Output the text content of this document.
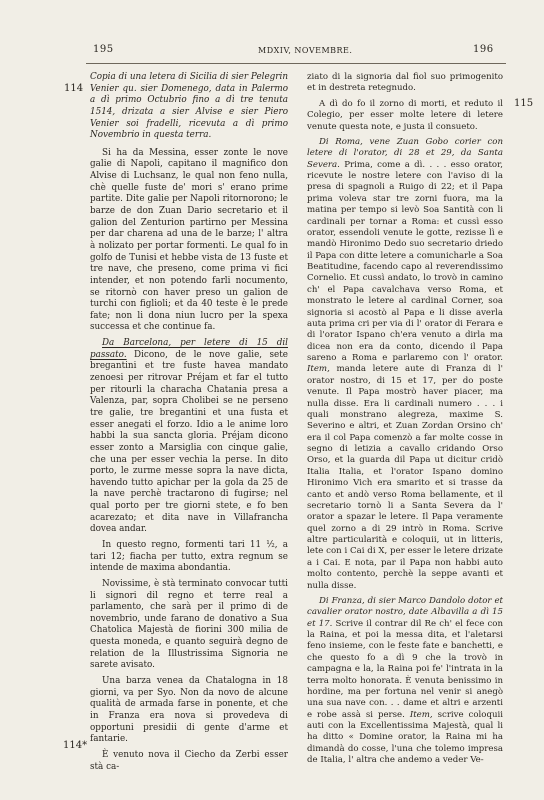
195	MDXIV, NOVEMBRE.	196
114
115
114*

Copia di una letera di Sicilia di sier Pelegrin Venier qu. sier Domenego, data in Palermo a dì primo Octubrio fino a dì tre tenuta 1514, drizata a sier Alvise e sier Piero Venier soi fradelli, ricevuta a dì primo Novembrio in questa terra.

Si ha da Messina, esser zonte le nove galie di Napoli, capitano il magnifico don Alvise di Luchsanz, le qual non feno nulla, chè quelle fuste de' mori s' erano prime partite. Dite galie per Napoli ritornorono; le barze de don Zuan Dario secretario et il galion del Zenturion partirno per Messina per dar charena ad una de le barze; l' altra à nolizato per portar formenti. Le qual fo in golfo de Tunisi et hebbe vista de 13 fuste et tre nave, che preseno, come prima vi fici intender, et non potendo farli nocumento, se ritornò con haver preso un galion de turchi con figlioli; et da 40 teste è le prede fate; non li dona niun lucro per la spexa successa et che continue fa.

Da Barcelona, per letere di 15 dil passato. Dicono, de le nove galie, sete bregantini et tre fuste havea mandato zenoesi per ritrovar Préjam et far el tutto per ritourli la characha Chatania presa a Valenza, par, sopra Cholibei se ne perseno tre galie, tre bregantini et una fusta et esser anegati el forzo. Idio a le anime loro habbi la sua sancta gloria. Préjam dicono esser zonto a Marsiglia con cinque galie, che una per esser vechia la perse. In dito porto, le zurme messe sopra la nave dicta, havendo tutto apichar per la gola da 25 de la nave perchè tractarono di fugirse; nel qual porto per tre giorni stete, e fo ben acarezato; et dita nave in Villafrancha dovea andar.

In questo regno, formenti tari 11 ½, a tari 12; fiacha per tutto, extra regnum se intende de maxima abondantia.

Novissime, è stà terminato convocar tutti li signori dil regno et terre real a parlamento, che sarà per il primo di de novembrio, unde farano de donativo a Sua Chatolica Majestà de fiorini 300 milia de questa moneda, e quanto seguirà degno de relation de la Illustrissima Signoria ne sarete avisato.

Una barza venea da Chatalogna in 18 giorni, va per Syo. Non da novo de alcune qualità de armada farse in ponente, et che in Franza era nova si provedeva di opportuni presidii di gente d'arme et fantarie.

È venuto nova il Ciecho da Zerbi esser stà ca-

ziato di la signoria dal fiol suo primogenito et in destreta retegnudo.

A dì do fo il zorno di morti, et reduto il Colegio, per esser molte letere di letere venute questa note, e justa il consueto.

Di Roma, vene Zuan Gobo corier con letere di l'orator, di 28 et 29, da Santa Severa. Prima, come a dì. . . . esso orator, ricevute le nostre letere con l'aviso di la presa di spagnoli a Ruigo di 22; et il Papa prima voleva star tre zorni fuora, ma la matina per tempo si levò Soa Santità con li cardinali per tornar a Roma: et cussì esso orator, essendoli venute le gotte, rezisse lì e mandò Hironimo Dedo suo secretario driedo il Papa con ditte letere a comunicharle a Soa Beatitudine, facendo capo al reverendissimo Cornelio. Et cussì andato, lo trovò in camino ch' el Papa cavalchava verso Roma, et monstrato le letere al cardinal Corner, soa signoria si acostò al Papa e li disse averla auta prima cri per via di l' orator di Ferara e di l'orator Ispano ch'era venuto a dirla ma dicea non era da conto, dicendo il Papa sareno a Roma e parlaremo con l' orator. Item, manda letere aute di Franza di l' orator nostro, di 15 et 17, per do poste venute. Il Papa mostrò haver piacer, ma nulla disse. Era li cardinali numero . . . i quali monstrano alegreza, maxime S. Severino e altri, et Zuan Zordan Orsino ch' era il col Papa comenzò a far molte cosse in segno di letizia a cavallo cridando Orso Orso, et la guarda dil Papa ut dicitur cridò Italia Italia, et l'orator Ispano domino Hironimo Vich era smarito et si trasse da canto et andò verso Roma bellamente, et il secretario tornò li a Santa Severa da l' orator a spazar le letere. Il Papa veramente quel zorno a di 29 intrò in Roma. Scrive altre particularità e coloquii, ut in litteris, lete con i Cai di X, per esser le letere drizate a i Cai. E nota, par il Papa non habbi auto molto contento, perchè la seppe avanti et nulla disse.

Di Franza, di sier Marco Dandolo dotor et cavalier orator nostro, date Albavilla a dì 15 et 17. Scrive il contrar dil Re ch' el fece con la Raina, et poi la messa dita, et l'aletarsi feno insieme, con le feste fate e banchetti, e che questo fo a dì 9 che la trovò in campagna e la, la Raina poi fe' l'intrata in la terra molto honorata. È venuta benissimo in hordine, ma per fortuna nel venir si anegò una sua nave con. . . dame et altri e arzenti e robe assà si perse. Item, scrive coloquii auti con la Excellentissima Majestà, qual li ha ditto « Domine orator, la Raina mi ha dimandà do cosse, l'una che tolemo impresa de Italia, l' altra che andemo a veder Ve-
